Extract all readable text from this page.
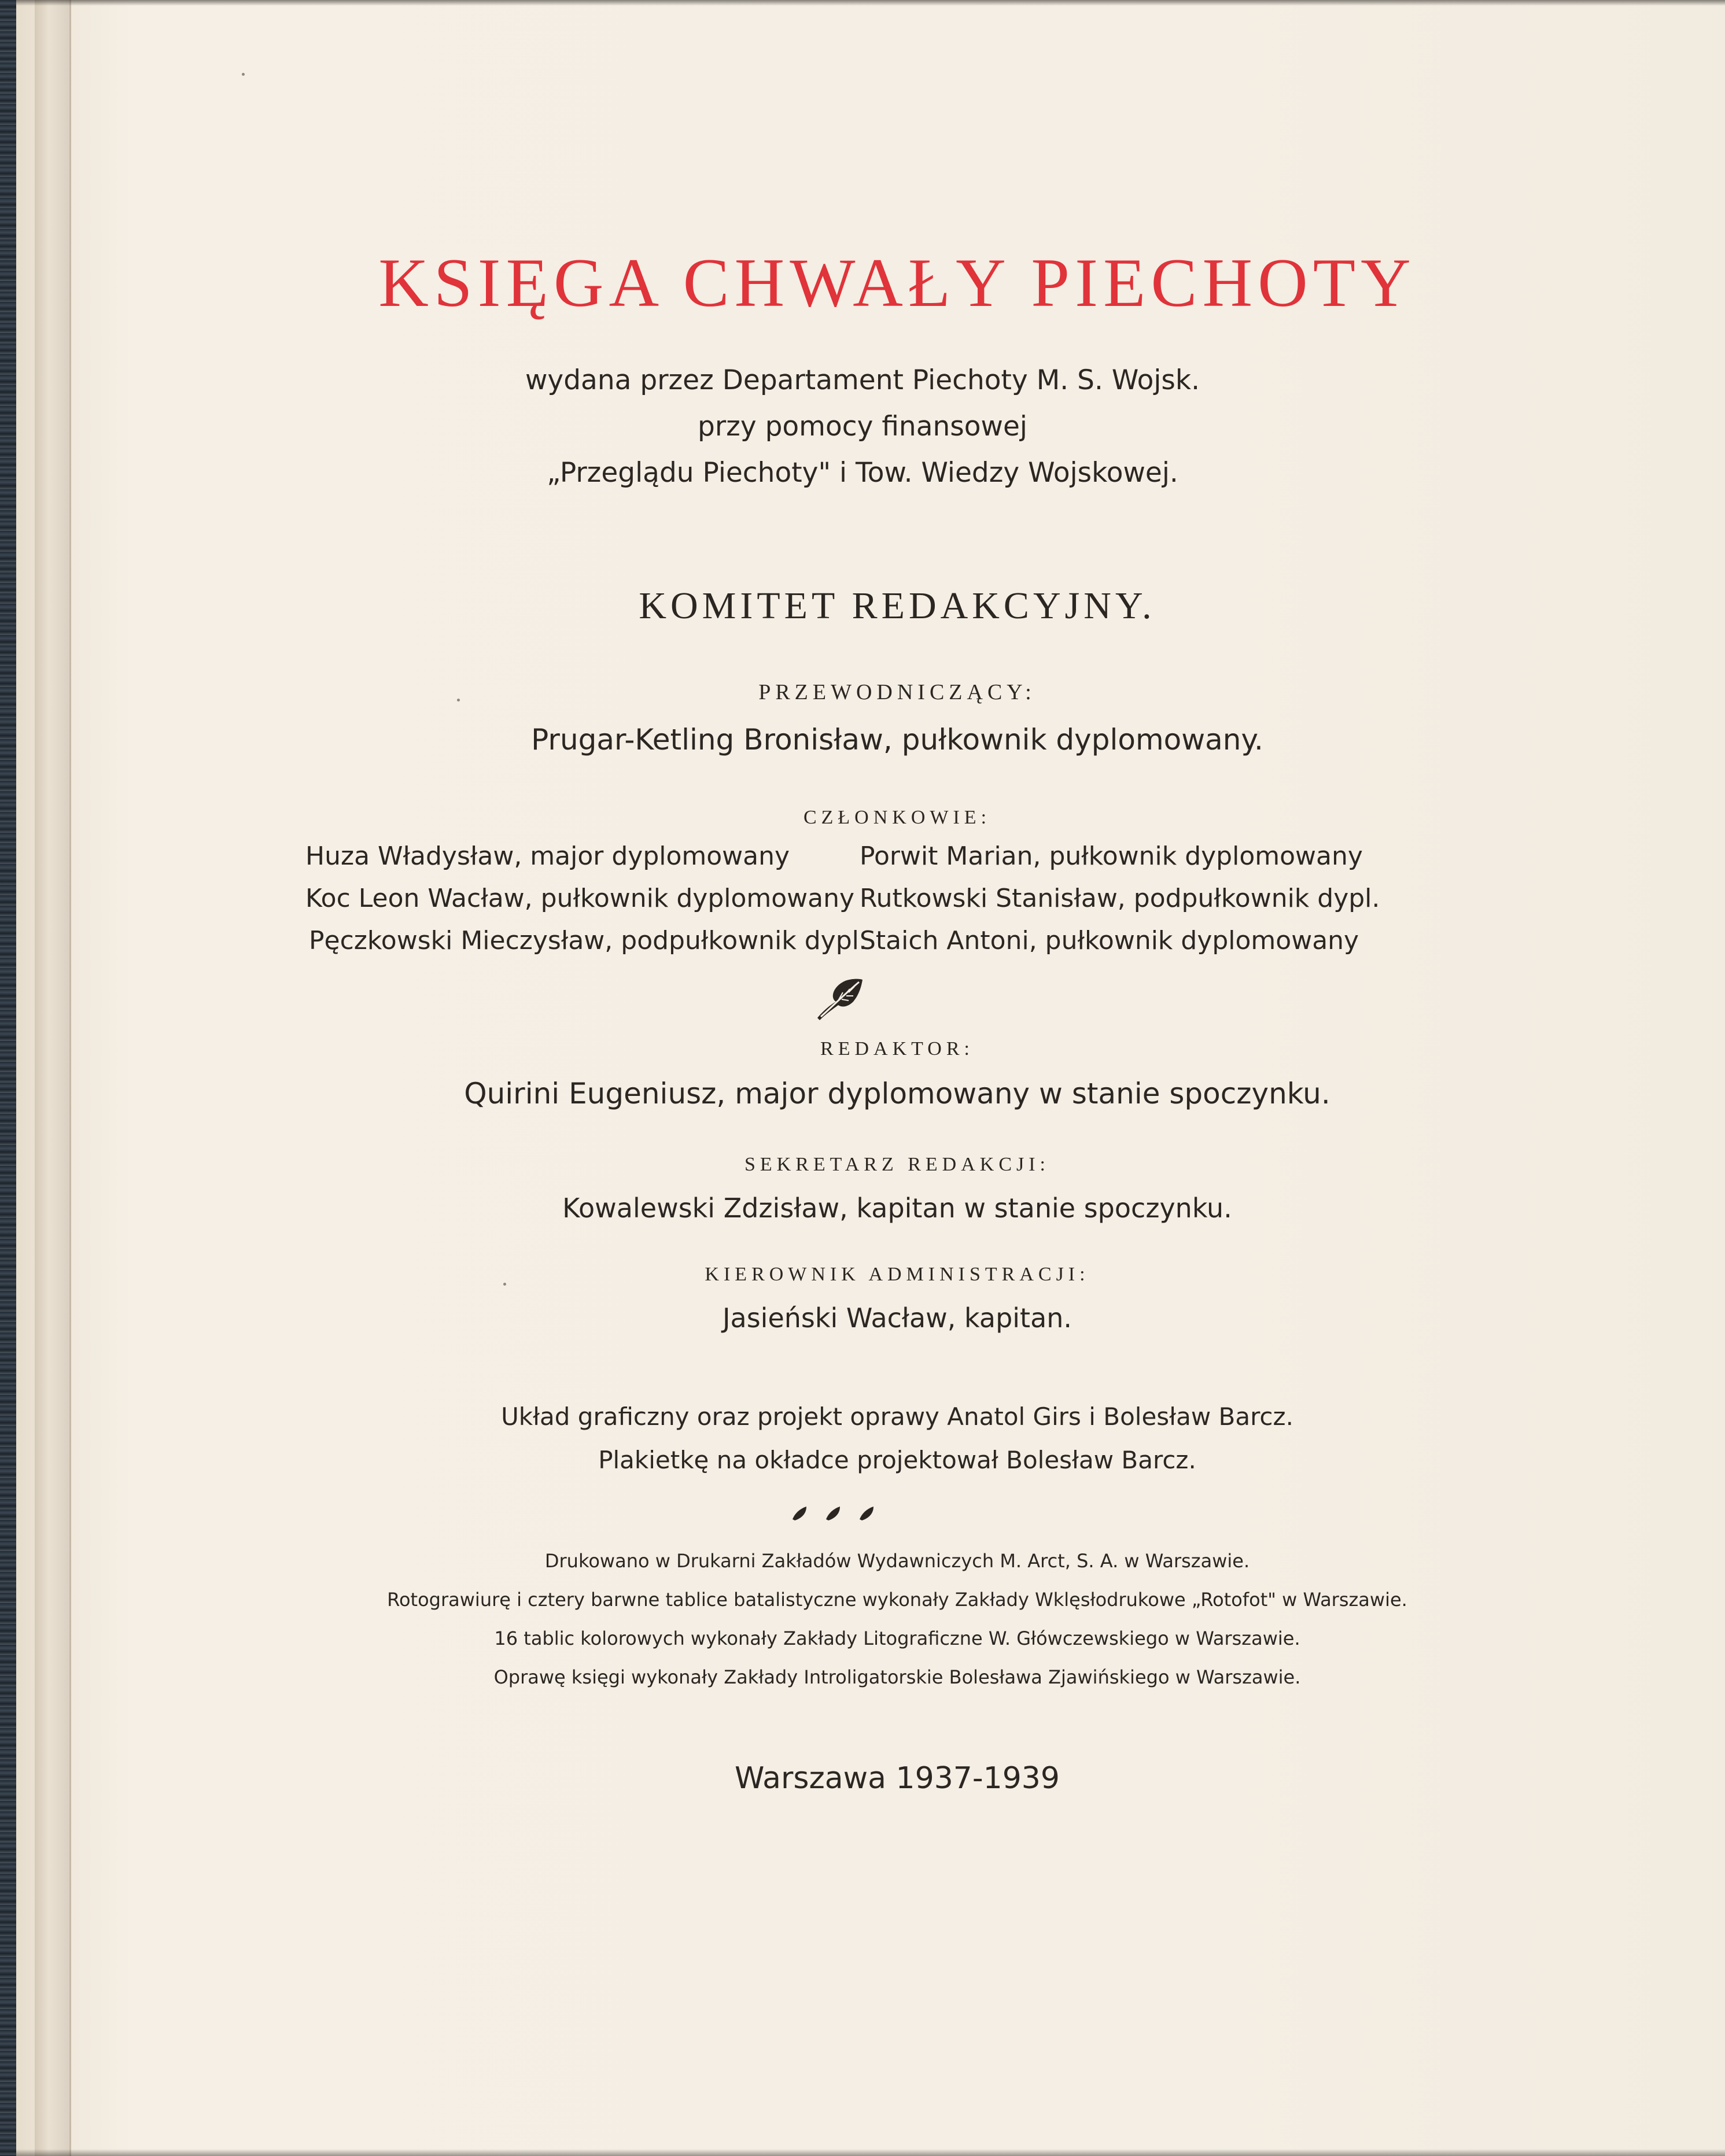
KSIĘGA CHWAŁY PIECHOTY
wydana przez Departament Piechoty M. S. Wojsk.
przy pomocy finansowej
„Przeglądu Piechoty" i Tow. Wiedzy Wojskowej.
KOMITET REDAKCYJNY.
PRZEWODNICZĄCY:
Prugar-Ketling Bronisław, pułkownik dyplomowany.
CZŁONKOWIE:
Huza Władysław, major dyplomowany
Koc Leon Wacław, pułkownik dyplomowany
Pęczkowski Mieczysław, podpułkownik dypl.
Porwit Marian, pułkownik dyplomowany
Rutkowski Stanisław, podpułkownik dypl.
Staich Antoni, pułkownik dyplomowany
REDAKTOR:
Quirini Eugeniusz, major dyplomowany w stanie spoczynku.
SEKRETARZ REDAKCJI:
Kowalewski Zdzisław, kapitan w stanie spoczynku.
KIEROWNIK ADMINISTRACJI:
Jasieński Wacław, kapitan.
Układ graficzny oraz projekt oprawy Anatol Girs i Bolesław Barcz.
Plakietkę na okładce projektował Bolesław Barcz.
Drukowano w Drukarni Zakładów Wydawniczych M. Arct, S. A. w Warszawie.
Rotograwiurę i cztery barwne tablice batalistyczne wykonały Zakłady Wklęsłodrukowe „Rotofot" w Warszawie.
16 tablic kolorowych wykonały Zakłady Litograficzne W. Główczewskiego w Warszawie.
Oprawę księgi wykonały Zakłady Introligatorskie Bolesława Zjawińskiego w Warszawie.
Warszawa 1937-1939
